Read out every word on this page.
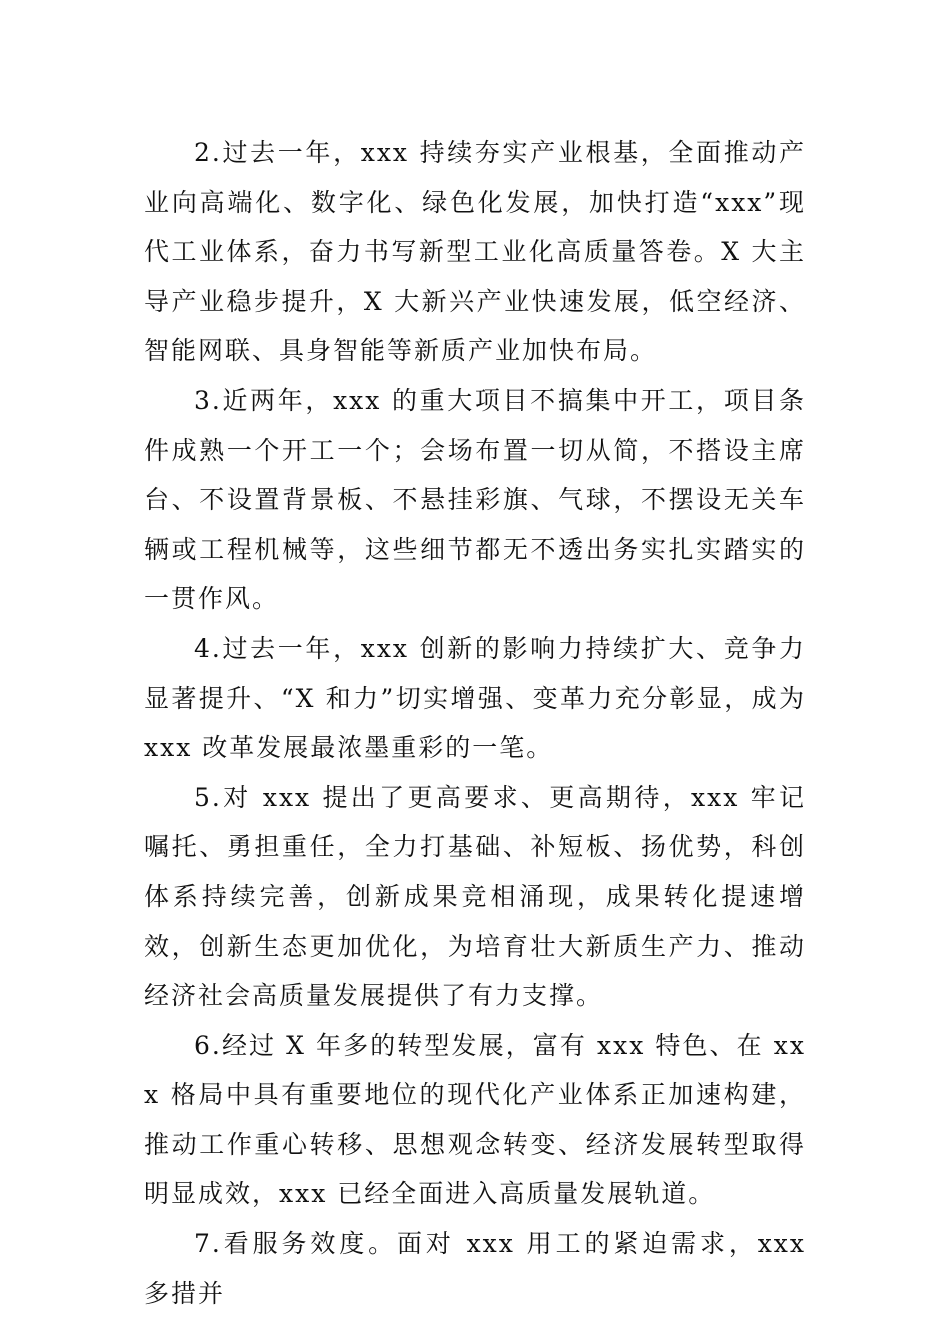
2.过去一年，xxx 持续夯实产业根基，全面推动产业向高端化、数字化、绿色化发展，加快打造“xxx”现代工业体系，奋力书写新型工业化高质量答卷。X 大主导产业稳步提升，X 大新兴产业快速发展，低空经济、智能网联、具身智能等新质产业加快布局。

3.近两年，xxx 的重大项目不搞集中开工，项目条件成熟一个开工一个；会场布置一切从简，不搭设主席台、不设置背景板、不悬挂彩旗、气球，不摆设无关车辆或工程机械等，这些细节都无不透出务实扎实踏实的一贯作风。

4.过去一年，xxx 创新的影响力持续扩大、竞争力显著提升、“X 和力”切实增强、变革力充分彰显，成为 xxx 改革发展最浓墨重彩的一笔。

5.对 xxx 提出了更高要求、更高期待，xxx 牢记嘱托、勇担重任，全力打基础、补短板、扬优势，科创体系持续完善，创新成果竞相涌现，成果转化提速增效，创新生态更加优化，为培育壮大新质生产力、推动经济社会高质量发展提供了有力支撑。

6.经过 X 年多的转型发展，富有 xxx 特色、在 xxx 格局中具有重要地位的现代化产业体系正加速构建，推动工作重心转移、思想观念转变、经济发展转型取得明显成效，xxx 已经全面进入高质量发展轨道。

7.看服务效度。面对 xxx 用工的紧迫需求，xxx 多措并
